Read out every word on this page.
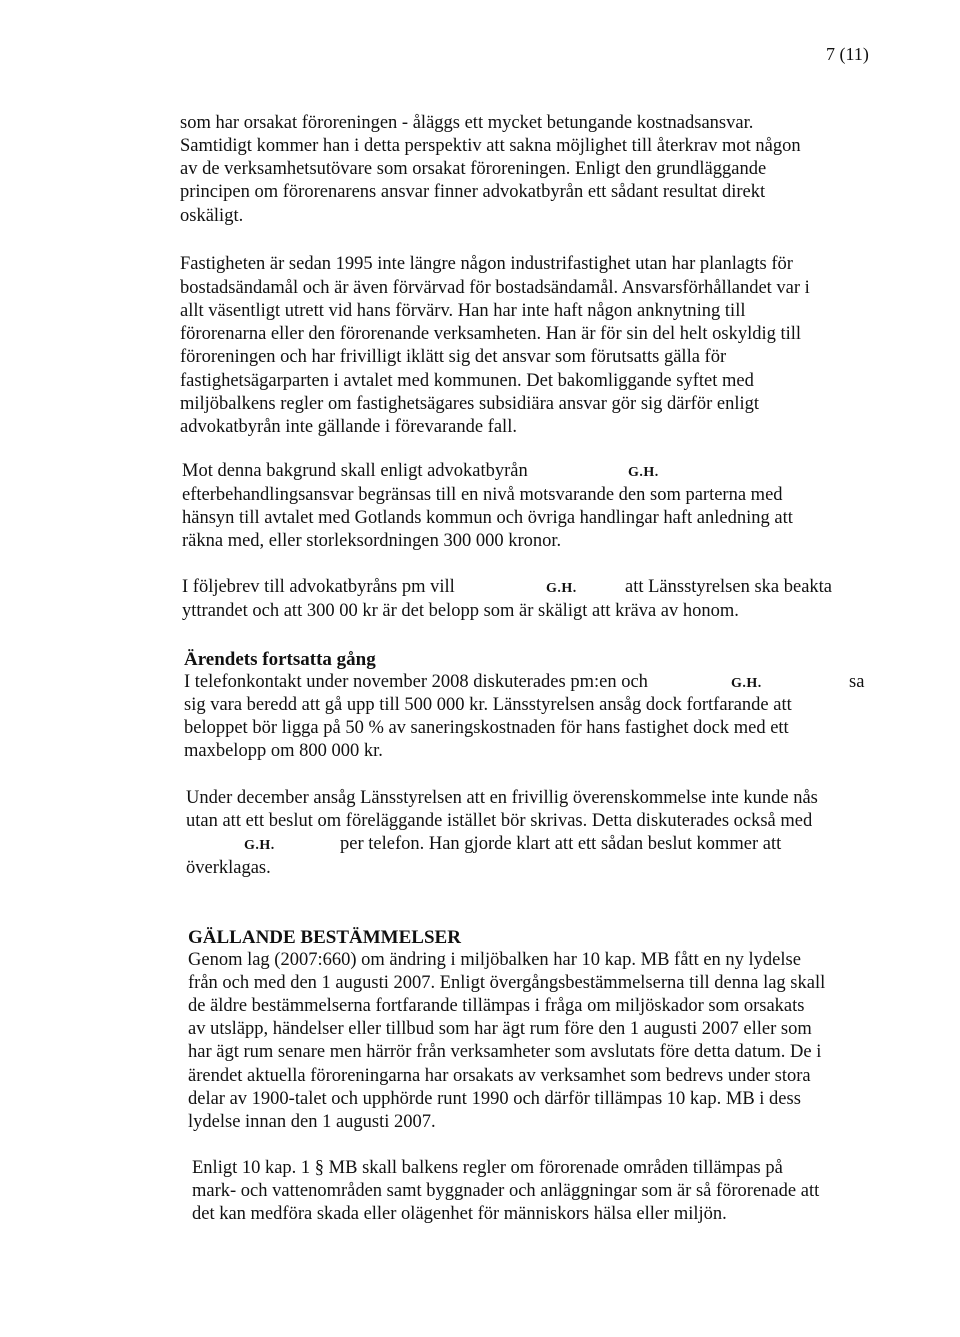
7 (11)
som har orsakat föroreningen - åläggs ett mycket betungande kostnadsansvar.
Samtidigt kommer han i detta perspektiv att sakna möjlighet till återkrav mot någon
av de verksamhetsutövare som orsakat föroreningen. Enligt den grundläggande
principen om förorenarens ansvar finner advokatbyrån ett sådant resultat direkt
oskäligt.
Fastigheten är sedan 1995 inte längre någon industrifastighet utan har planlagts för
bostadsändamål och är även förvärvad för bostadsändamål. Ansvarsförhållandet var i
allt väsentligt utrett vid hans förvärv. Han har inte haft någon anknytning till
förorenarna eller den förorenande verksamheten. Han är för sin del helt oskyldig till
föroreningen och har frivilligt iklätt sig det ansvar som förutsatts gälla för
fastighetsägarparten i avtalet med kommunen. Det bakomliggande syftet med
miljöbalkens regler om fastighetsägares subsidiära ansvar gör sig därför enligt
advokatbyrån inte gällande i förevarande fall.
Mot denna bakgrund skall enligt advokatbyrån	G.H.
efterbehandlingsansvar begränsas till en nivå motsvarande den som parterna med
hänsyn till avtalet med Gotlands kommun och övriga handlingar haft anledning att
räkna med, eller storleksordningen 300 000 kronor.
I följebrev till advokatbyråns pm vill	G.H.	att Länsstyrelsen ska beakta
yttrandet och att 300 00 kr är det belopp som är skäligt att kräva av honom.
Ärendets fortsatta gång
I telefonkontakt under november 2008 diskuterades pm:en och	G.H.	sa
sig vara beredd att gå upp till 500 000 kr. Länsstyrelsen ansåg dock fortfarande att
beloppet bör ligga på 50 % av saneringskostnaden för hans fastighet dock med ett
maxbelopp om 800 000 kr.
Under december ansåg Länsstyrelsen att en frivillig överenskommelse inte kunde nås
utan att ett beslut om föreläggande istället bör skrivas. Detta diskuterades också med
G.H.	per telefon. Han gjorde klart att ett sådan beslut kommer att
överklagas.
GÄLLANDE BESTÄMMELSER
Genom lag (2007:660) om ändring i miljöbalken har 10 kap. MB fått en ny lydelse
från och med den 1 augusti 2007. Enligt övergångsbestämmelserna till denna lag skall
de äldre bestämmelserna fortfarande tillämpas i fråga om miljöskador som orsakats
av utsläpp, händelser eller tillbud som har ägt rum före den 1 augusti 2007 eller som
har ägt rum senare men härrör från verksamheter som avslutats före detta datum. De i
ärendet aktuella föroreningarna har orsakats av verksamhet som bedrevs under stora
delar av 1900-talet och upphörde runt 1990 och därför tillämpas 10 kap. MB i dess
lydelse innan den 1 augusti 2007.
Enligt 10 kap. 1 § MB skall balkens regler om förorenade områden tillämpas på
mark- och vattenområden samt byggnader och anläggningar som är så förorenade att
det kan medföra skada eller olägenhet för människors hälsa eller miljön.
